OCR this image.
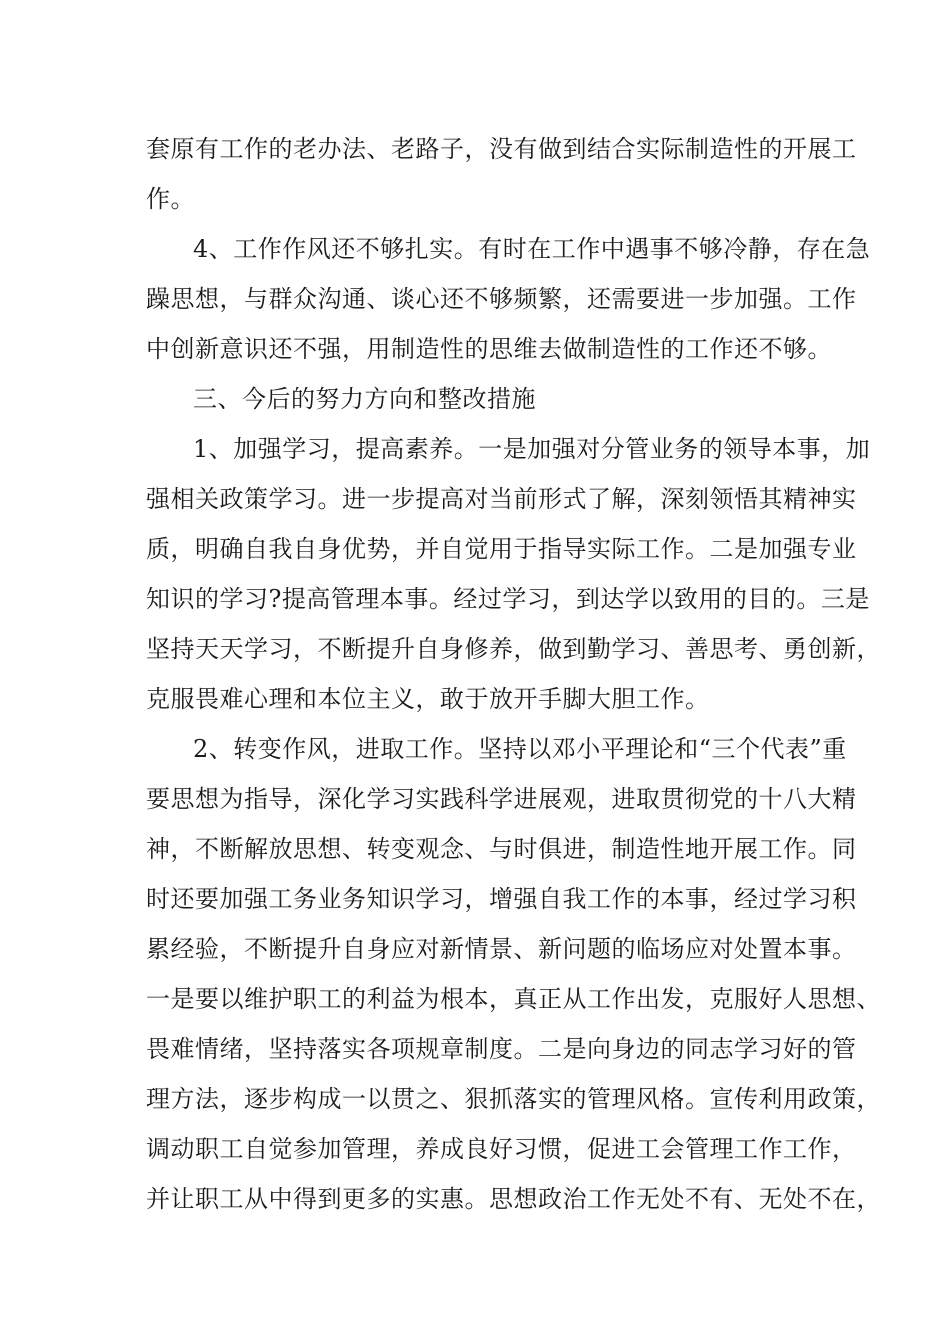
套原有工作的老办法、老路子，没有做到结合实际制造性的开展工
作。
4、工作作风还不够扎实。有时在工作中遇事不够冷静，存在急
躁思想，与群众沟通、谈心还不够频繁，还需要进一步加强。工作
中创新意识还不强，用制造性的思维去做制造性的工作还不够。
三、今后的努力方向和整改措施
1、加强学习，提高素养。一是加强对分管业务的领导本事，加
强相关政策学习。进一步提高对当前形式了解，深刻领悟其精神实
质，明确自我自身优势，并自觉用于指导实际工作。二是加强专业
知识的学习?提高管理本事。经过学习，到达学以致用的目的。三是
坚持天天学习，不断提升自身修养，做到勤学习、善思考、勇创新，
克服畏难心理和本位主义，敢于放开手脚大胆工作。
2、转变作风，进取工作。坚持以邓小平理论和“三个代表”重
要思想为指导，深化学习实践科学进展观，进取贯彻党的十八大精
神，不断解放思想、转变观念、与时俱进，制造性地开展工作。同
时还要加强工务业务知识学习，增强自我工作的本事，经过学习积
累经验，不断提升自身应对新情景、新问题的临场应对处置本事。
一是要以维护职工的利益为根本，真正从工作出发，克服好人思想、
畏难情绪，坚持落实各项规章制度。二是向身边的同志学习好的管
理方法，逐步构成一以贯之、狠抓落实的管理风格。宣传利用政策，
调动职工自觉参加管理，养成良好习惯，促进工会管理工作工作，
并让职工从中得到更多的实惠。思想政治工作无处不有、无处不在，
